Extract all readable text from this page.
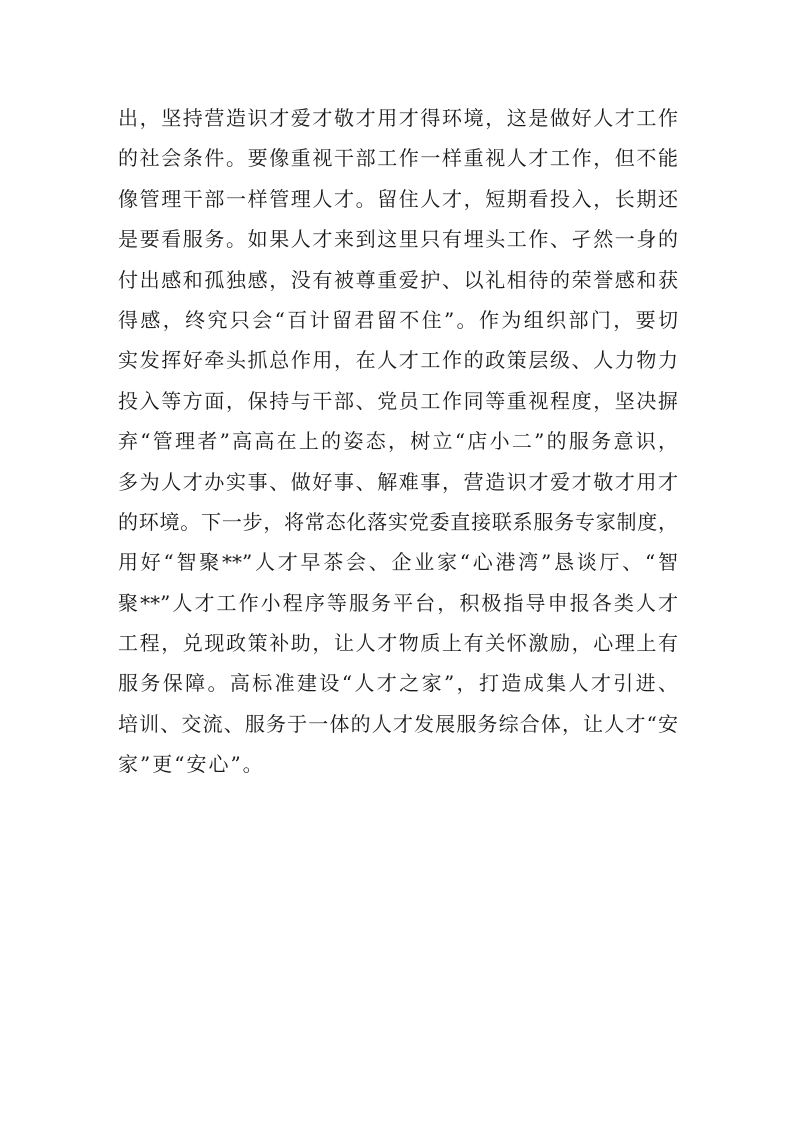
出，坚持营造识才爱才敬才用才得环境，这是做好人才工作
的社会条件。要像重视干部工作一样重视人才工作，但不能
像管理干部一样管理人才。留住人才，短期看投入，长期还
是要看服务。如果人才来到这里只有埋头工作、孑然一身的
付出感和孤独感，没有被尊重爱护、以礼相待的荣誉感和获
得感，终究只会“百计留君留不住”。作为组织部门，要切
实发挥好牵头抓总作用，在人才工作的政策层级、人力物力
投入等方面，保持与干部、党员工作同等重视程度，坚决摒
弃“管理者”高高在上的姿态，树立“店小二”的服务意识，
多为人才办实事、做好事、解难事，营造识才爱才敬才用才
的环境。下一步，将常态化落实党委直接联系服务专家制度，
用好“智聚**”人才早茶会、企业家“心港湾”恳谈厅、“智
聚**”人才工作小程序等服务平台，积极指导申报各类人才
工程，兑现政策补助，让人才物质上有关怀激励，心理上有
服务保障。高标准建设“人才之家”，打造成集人才引进、
培训、交流、服务于一体的人才发展服务综合体，让人才“安
家”更“安心”。
